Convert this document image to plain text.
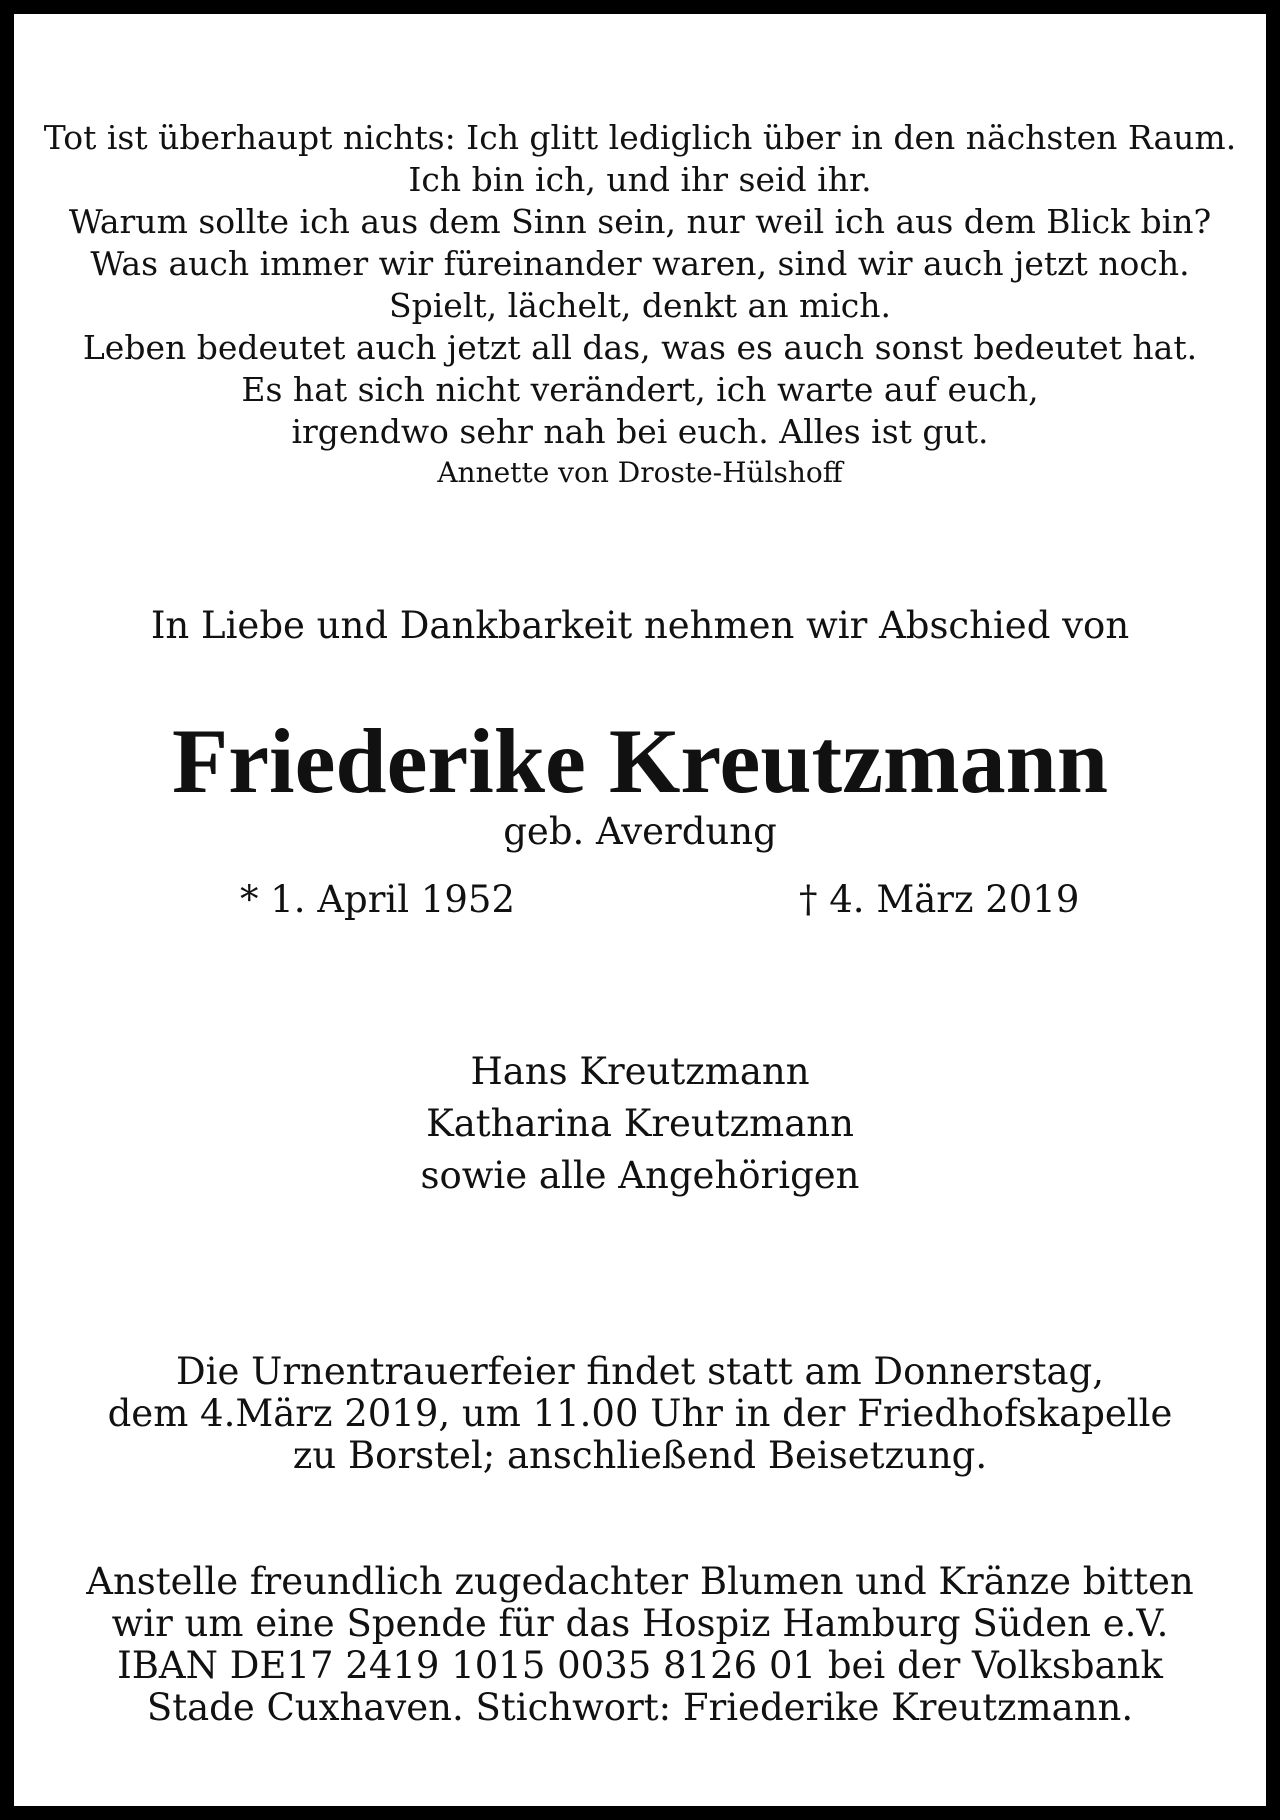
Tot ist überhaupt nichts: Ich glitt lediglich über in den nächsten Raum.
Ich bin ich, und ihr seid ihr.
Warum sollte ich aus dem Sinn sein, nur weil ich aus dem Blick bin?
Was auch immer wir füreinander waren, sind wir auch jetzt noch.
Spielt, lächelt, denkt an mich.
Leben bedeutet auch jetzt all das, was es auch sonst bedeutet hat.
Es hat sich nicht verändert, ich warte auf euch,
irgendwo sehr nah bei euch. Alles ist gut.
Annette von Droste-Hülshoff
In Liebe und Dankbarkeit nehmen wir Abschied von
Friederike Kreutzmann
geb. Averdung
* 1. April 1952	† 4. März 2019
Hans Kreutzmann
Katharina Kreutzmann
sowie alle Angehörigen
Die Urnentrauerfeier findet statt am Donnerstag,
dem 4.März 2019, um 11.00 Uhr in der Friedhofskapelle
zu Borstel; anschließend Beisetzung.
Anstelle freundlich zugedachter Blumen und Kränze bitten
wir um eine Spende für das Hospiz Hamburg Süden e.V.
IBAN DE17 2419 1015 0035 8126 01 bei der Volksbank
Stade Cuxhaven. Stichwort: Friederike Kreutzmann.
